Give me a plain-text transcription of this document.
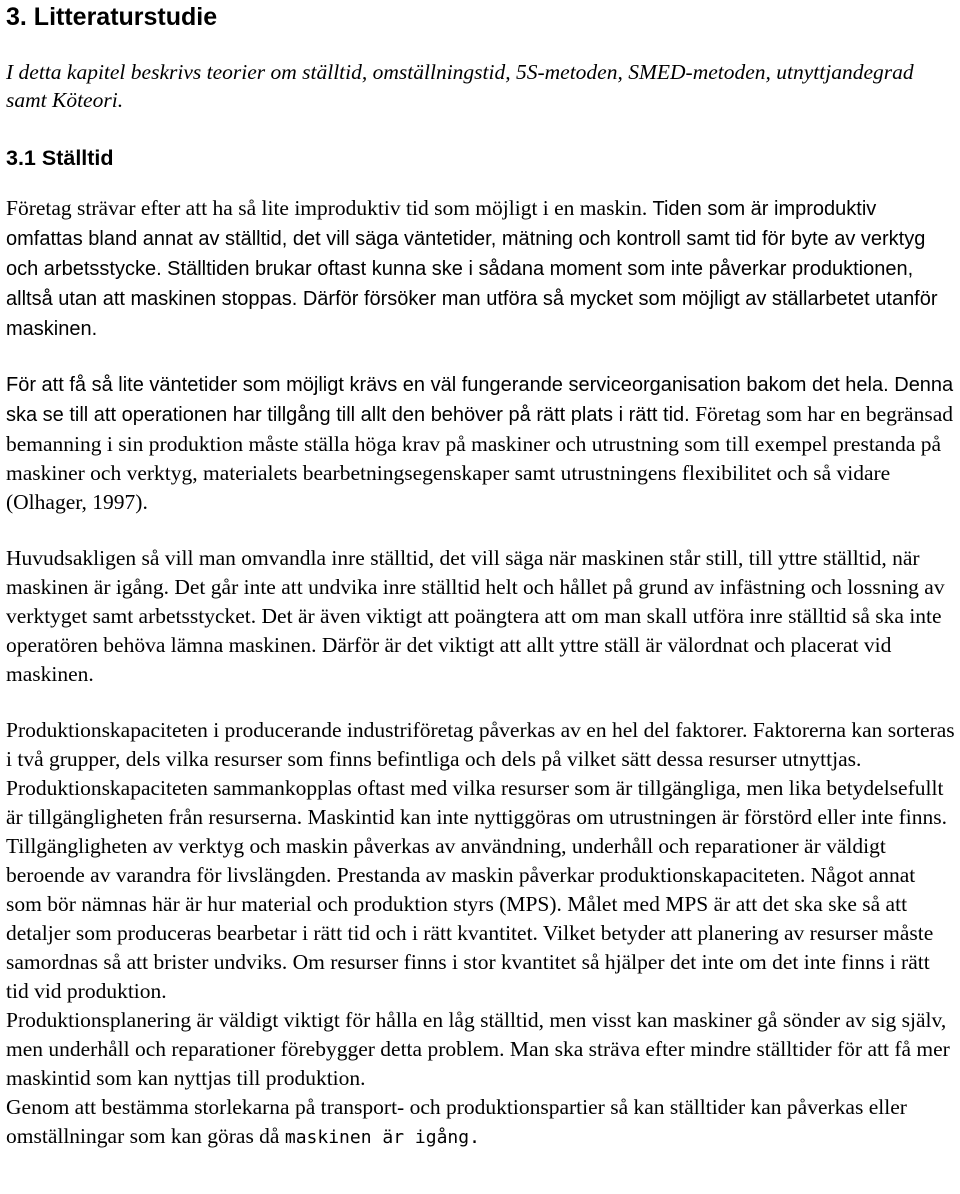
3. Litteraturstudie

I detta kapitel beskrivs teorier om ställtid, omställningstid, 5S-metoden, SMED-metoden, utnyttjandegrad samt Köteori.

3.1 Ställtid

Företag strävar efter att ha så lite improduktiv tid som möjligt i en maskin. Tiden som är improduktiv omfattas bland annat av ställtid, det vill säga väntetider, mätning och kontroll samt tid för byte av verktyg och arbetsstycke. Ställtiden brukar oftast kunna ske i sådana moment som inte påverkar produktionen, alltså utan att maskinen stoppas. Därför försöker man utföra så mycket som möjligt av ställarbetet utanför maskinen.

För att få så lite väntetider som möjligt krävs en väl fungerande serviceorganisation bakom det hela. Denna ska se till att operationen har tillgång till allt den behöver på rätt plats i rätt tid. Företag som har en begränsad bemanning i sin produktion måste ställa höga krav på maskiner och utrustning som till exempel prestanda på maskiner och verktyg, materialets bearbetningsegenskaper samt utrustningens flexibilitet och så vidare (Olhager, 1997).

Huvudsakligen så vill man omvandla inre ställtid, det vill säga när maskinen står still, till yttre ställtid, när maskinen är igång. Det går inte att undvika inre ställtid helt och hållet på grund av infästning och lossning av verktyget samt arbetsstycket. Det är även viktigt att poängtera att om man skall utföra inre ställtid så ska inte operatören behöva lämna maskinen. Därför är det viktigt att allt yttre ställ är välordnat och placerat vid maskinen.

Produktionskapaciteten i producerande industriföretag påverkas av en hel del faktorer. Faktorerna kan sorteras i två grupper, dels vilka resurser som finns befintliga och dels på vilket sätt dessa resurser utnyttjas. Produktionskapaciteten sammankopplas oftast med vilka resurser som är tillgängliga, men lika betydelsefullt är tillgängligheten från resurserna. Maskintid kan inte nyttiggöras om utrustningen är förstörd eller inte finns. Tillgängligheten av verktyg och maskin påverkas av användning, underhåll och reparationer är väldigt beroende av varandra för livslängden. Prestanda av maskin påverkar produktionskapaciteten. Något annat som bör nämnas här är hur material och produktion styrs (MPS). Målet med MPS är att det ska ske så att detaljer som produceras bearbetar i rätt tid och i rätt kvantitet. Vilket betyder att planering av resurser måste samordnas så att brister undviks. Om resurser finns i stor kvantitet så hjälper det inte om det inte finns i rätt tid vid produktion.

Produktionsplanering är väldigt viktigt för hålla en låg ställtid, men visst kan maskiner gå sönder av sig själv, men underhåll och reparationer förebygger detta problem. Man ska sträva efter mindre ställtider för att få mer maskintid som kan nyttjas till produktion.

Genom att bestämma storlekarna på transport- och produktionspartier så kan ställtider kan påverkas eller omställningar som kan göras då maskinen är igång.
